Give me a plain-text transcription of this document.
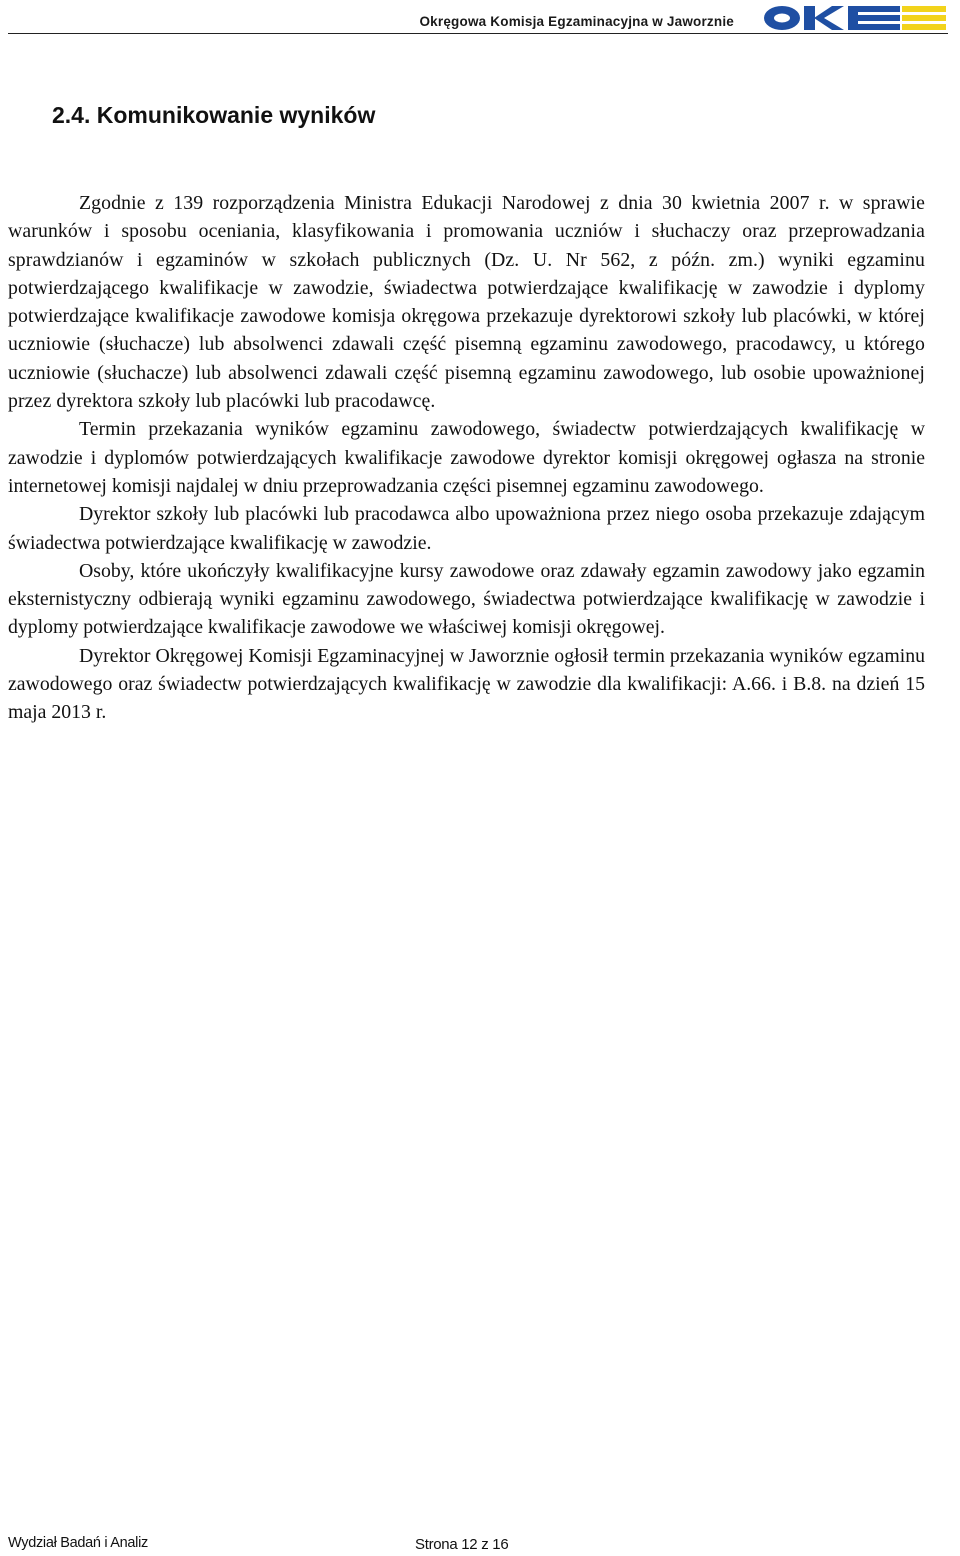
Okręgowa Komisja Egzaminacyjna w Jaworznie
2.4. Komunikowanie wyników

Zgodnie z 139 rozporządzenia Ministra Edukacji Narodowej z dnia 30 kwietnia 2007 r. w sprawie warunków i sposobu oceniania, klasyfikowania i promowania uczniów i słuchaczy oraz przeprowadzania sprawdzianów i egzaminów w szkołach publicznych (Dz. U. Nr 562, z późn. zm.) wyniki egzaminu potwierdzającego kwalifikacje w zawodzie, świadectwa potwierdzające kwalifikację w zawodzie i dyplomy potwierdzające kwalifikacje zawodowe komisja okręgowa przekazuje dyrektorowi szkoły lub placówki, w której uczniowie (słuchacze) lub absolwenci zdawali część pisemną egzaminu zawodowego, pracodawcy, u którego uczniowie (słuchacze) lub absolwenci zdawali część pisemną egzaminu zawodowego, lub osobie upoważnionej przez dyrektora szkoły lub placówki lub pracodawcę.

Termin przekazania wyników egzaminu zawodowego, świadectw potwierdzających kwalifikację w zawodzie i dyplomów potwierdzających kwalifikacje zawodowe dyrektor komisji okręgowej ogłasza na stronie internetowej komisji najdalej w dniu przeprowadzania części pisemnej egzaminu zawodowego.

Dyrektor szkoły lub placówki lub pracodawca albo upoważniona przez niego osoba przekazuje zdającym świadectwa potwierdzające kwalifikację w zawodzie.

Osoby, które ukończyły kwalifikacyjne kursy zawodowe oraz zdawały egzamin zawodowy jako egzamin eksternistyczny odbierają wyniki egzaminu zawodowego, świadectwa potwierdzające kwalifikację w zawodzie i dyplomy potwierdzające kwalifikacje zawodowe we właściwej komisji okręgowej.

Dyrektor Okręgowej Komisji Egzaminacyjnej w Jaworznie ogłosił termin przekazania wyników egzaminu zawodowego oraz świadectw potwierdzających kwalifikację w zawodzie dla kwalifikacji: A.66. i B.8. na dzień 15 maja 2013 r.

Wydział Badań i Analiz	Strona 12 z 16
